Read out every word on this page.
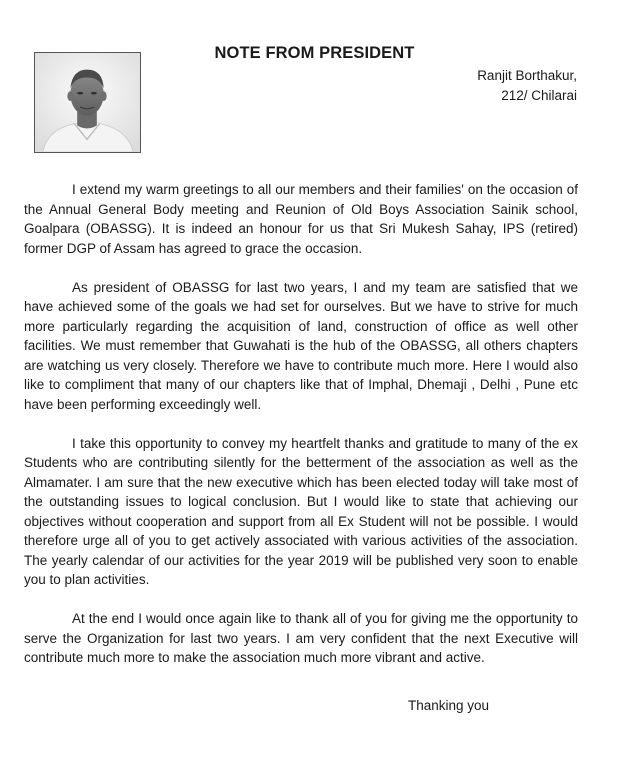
NOTE FROM PRESIDENT
Ranjit Borthakur,
212/ Chilarai

I extend my warm greetings to all our members and their families' on the occasion of the Annual General Body meeting and Reunion of Old Boys Association Sainik school, Goalpara (OBASSG). It is indeed an honour for us that Sri Mukesh Sahay, IPS (retired) former DGP of Assam has agreed to grace the occasion.

As president of OBASSG for last two years, I and my team are satisfied that we have achieved some of the goals we had set for ourselves. But we have to strive for much more particularly regarding the acquisition of land, construction of office as well other facilities. We must remember that Guwahati is the hub of the OBASSG, all others chapters are watching us very closely. Therefore we have to contribute much more. Here I would also like to compliment that many of our chapters like that of Imphal, Dhemaji , Delhi , Pune etc have been performing exceedingly well.

I take this opportunity to convey my heartfelt thanks and gratitude to many of the ex Students who are contributing silently for the betterment of the association as well as the Almamater. I am sure that the new executive which has been elected today will take most of the outstanding issues to logical conclusion. But I would like to state that achieving our objectives without cooperation and support from all Ex Student will not be possible. I would therefore urge all of you to get actively associated with various activities of the association. The yearly calendar of our activities for the year 2019 will be published very soon to enable you to plan activities.

At the end I would once again like to thank all of you for giving me the opportunity to serve the Organization for last two years. I am very confident that the next Executive will contribute much more to make the association much more vibrant and active.

Thanking you
